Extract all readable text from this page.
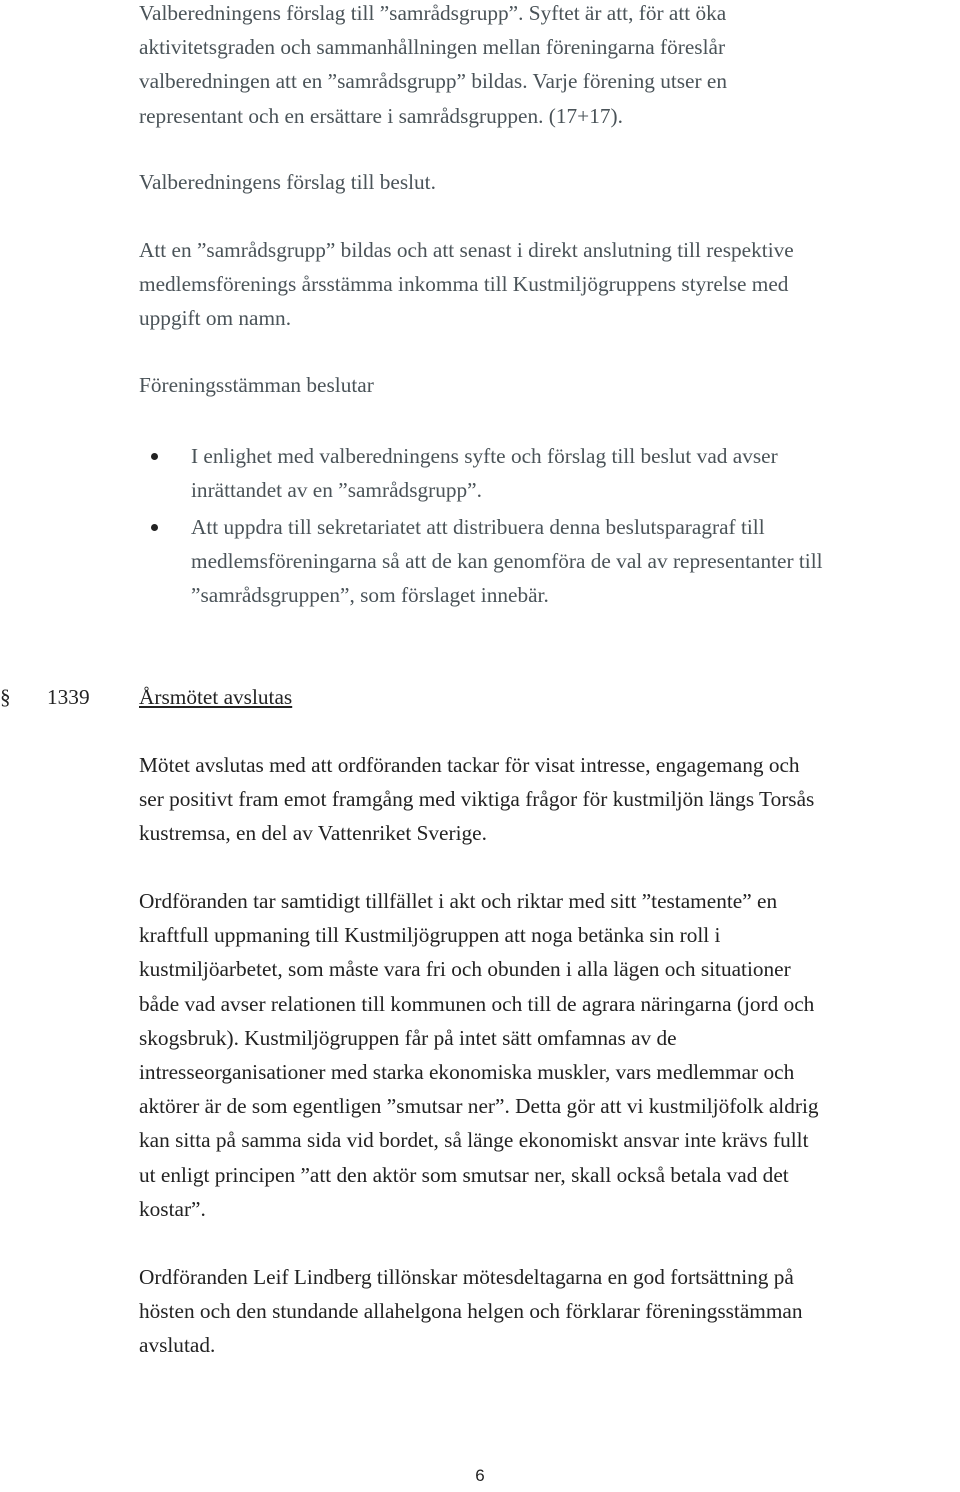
Valberedningens förslag till ”samrådsgrupp”. Syftet är att, för att öka
aktivitetsgraden och sammanhållningen mellan föreningarna föreslår
valberedningen att en ”samrådsgrupp” bildas. Varje förening utser en
representant och en ersättare i samrådsgruppen. (17+17).
Valberedningens förslag till beslut.
Att en ”samrådsgrupp” bildas och att senast i direkt anslutning till respektive
medlemsförenings årsstämma inkomma till Kustmiljögruppens styrelse med
uppgift om namn.
Föreningsstämman beslutar
I enlighet med valberedningens syfte och förslag till beslut vad avser
inrättandet av en ”samrådsgrupp”.
Att uppdra till sekretariatet att distribuera denna beslutsparagraf till
medlemsföreningarna så att de kan genomföra de val av representanter till
”samrådsgruppen”, som förslaget innebär.
§ 1339 Årsmötet avslutas
Mötet avslutas med att ordföranden tackar för visat intresse, engagemang och
ser positivt fram emot framgång med viktiga frågor för kustmiljön längs Torsås
kustremsa, en del av Vattenriket Sverige.
Ordföranden tar samtidigt tillfället i akt och riktar med sitt ”testamente” en
kraftfull uppmaning till Kustmiljögruppen att noga betänka sin roll i
kustmiljöarbetet, som måste vara fri och obunden i alla lägen och situationer
både vad avser relationen till kommunen och till de agrara näringarna (jord och
skogsbruk). Kustmiljögruppen får på intet sätt omfamnas av de
intresseorganisationer med starka ekonomiska muskler, vars medlemmar och
aktörer är de som egentligen ”smutsar ner”. Detta gör att vi kustmiljöfolk aldrig
kan sitta på samma sida vid bordet, så länge ekonomiskt ansvar inte krävs fullt
ut enligt principen ”att den aktör som smutsar ner, skall också betala vad det
kostar”.
Ordföranden Leif Lindberg tillönskar mötesdeltagarna en god fortsättning på
hösten och den stundande allahelgona helgen och förklarar föreningsstämman
avslutad.
6
